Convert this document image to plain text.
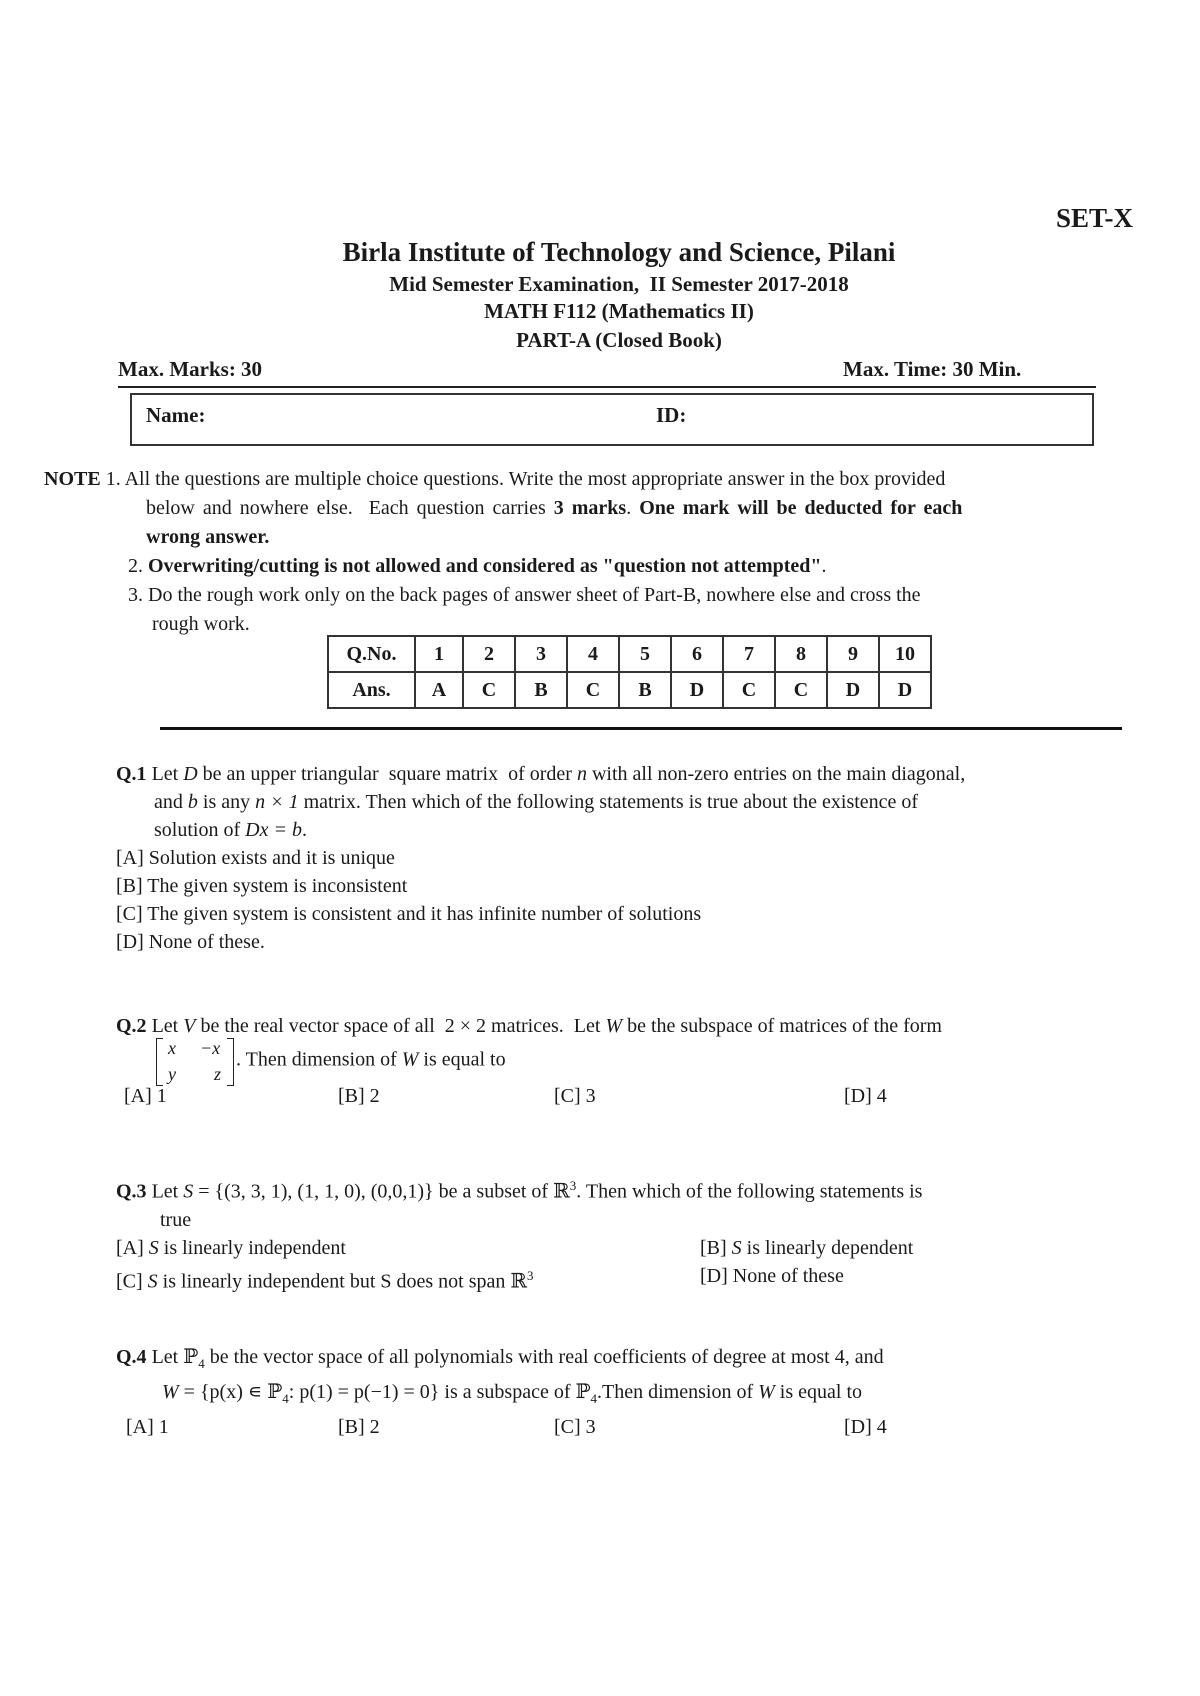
SET-X
Birla Institute of Technology and Science, Pilani
Mid Semester Examination,  II Semester 2017-2018
MATH F112 (Mathematics II)
PART-A (Closed Book)
Max. Marks: 30	Max. Time: 30 Min.
Name:	ID:
NOTE 1. All the questions are multiple choice questions. Write the most appropriate answer in the box provided
below and nowhere else.  Each question carries 3 marks. One mark will be deducted for each
wrong answer.
2. Overwriting/cutting is not allowed and considered as "question not attempted".
3. Do the rough work only on the back pages of answer sheet of Part-B, nowhere else and cross the
rough work.
Q.No.	1	2	3	4	5	6	7	8	9	10
Ans.	A	C	B	C	B	D	C	C	D	D
Q.1 Let D be an upper triangular  square matrix  of order n with all non-zero entries on the main diagonal,
and b is any n × 1 matrix. Then which of the following statements is true about the existence of
solution of Dx = b.
[A] Solution exists and it is unique
[B] The given system is inconsistent
[C] The given system is consistent and it has infinite number of solutions
[D] None of these.
Q.2 Let V be the real vector space of all  2 × 2 matrices.  Let W be the subspace of matrices of the form
x −x
y z
. Then dimension of W is equal to
[A] 1	[B] 2	[C] 3	[D] 4
Q.3 Let S = {(3, 3, 1), (1, 1, 0), (0,0,1)} be a subset of ℝ$^3$. Then which of the following statements is
true
[A] S is linearly independent	[B] S is linearly dependent
[C] S is linearly independent but S does not span ℝ$^3$	[D] None of these
Q.4 Let ℙ$_4$ be the vector space of all polynomials with real coefficients of degree at most 4, and
W = {p(x) ∊ ℙ$_4$: p(1) = p(−1) = 0} is a subspace of ℙ$_4$.Then dimension of W is equal to
[A] 1	[B] 2	[C] 3	[D] 4
